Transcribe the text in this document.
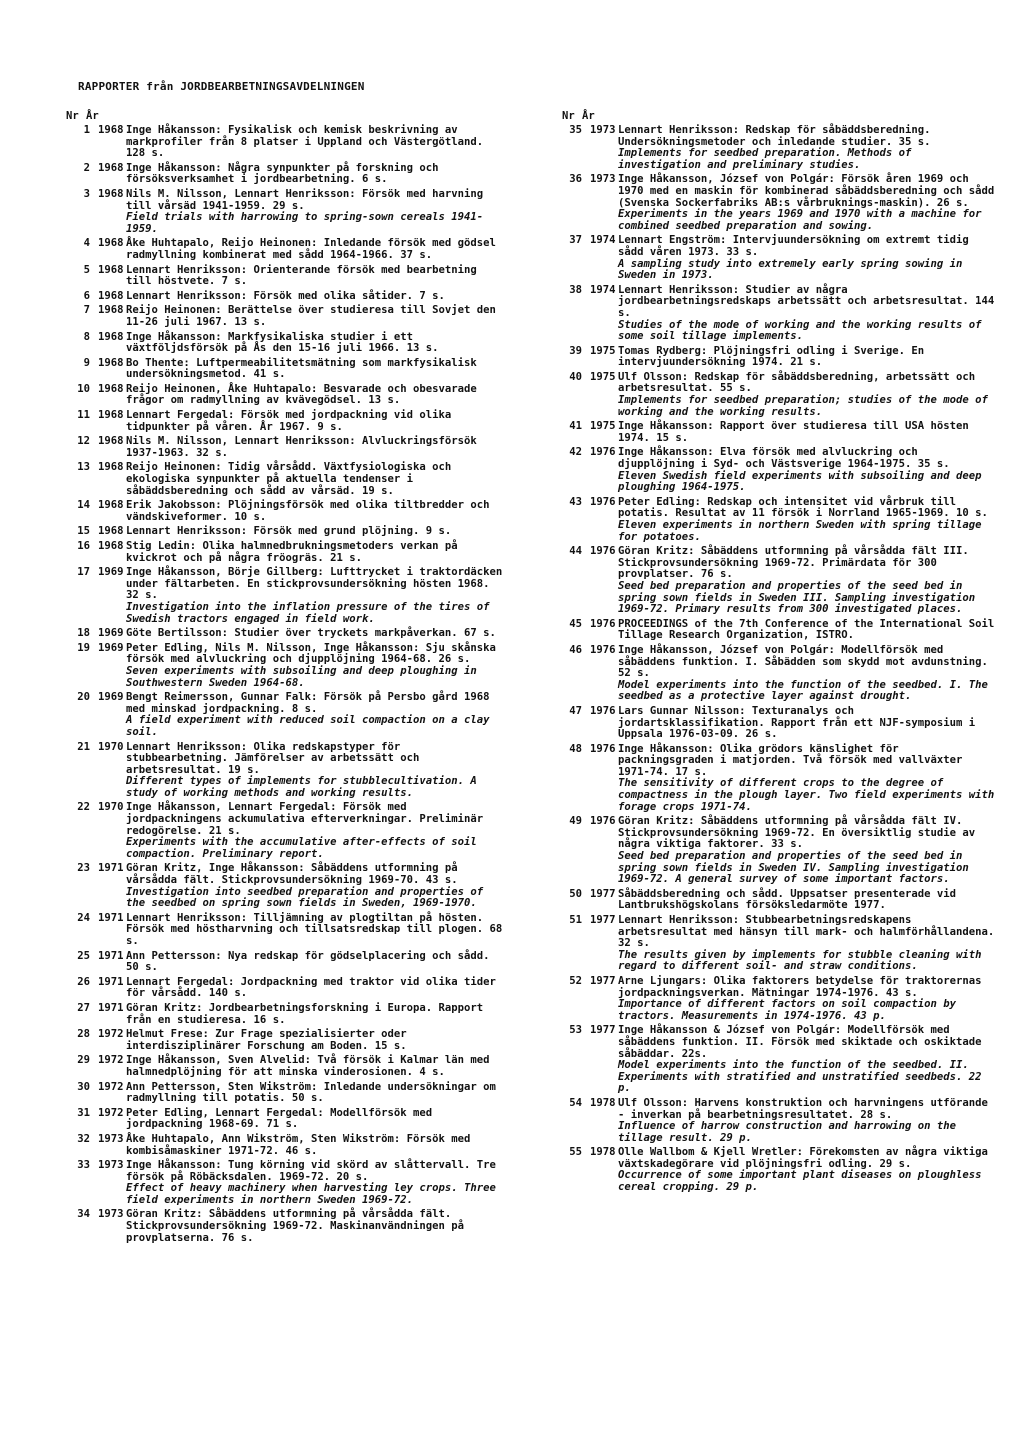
RAPPORTER från JORDBEARBETNINGSAVDELNINGEN
Nr År
1 1968 Inge Håkansson: Fysikalisk och kemisk beskrivning av markprofiler från 8 platser i Uppland och Västergötland. 128 s.
2 1968 Inge Håkansson: Några synpunkter på forskning och försöksverksamhet i jordbearbetning. 6 s.
3 1968 Nils M. Nilsson, Lennart Henriksson: Försök med harvning till vårsäd 1941-1959. 29 s.
Field trials with harrowing to spring-sown cereals 1941-1959.
4 1968 Åke Huhtapalo, Reijo Heinonen: Inledande försök med gödsel radmyllning kombinerat med sådd 1964-1966. 37 s.
5 1968 Lennart Henriksson: Orienterande försök med bearbetning till höstvete. 7 s.
6 1968 Lennart Henriksson: Försök med olika såtider. 7 s.
7 1968 Reijo Heinonen: Berättelse över studieresa till Sovjet den 11-26 juli 1967. 13 s.
8 1968 Inge Håkansson: Markfysikaliska studier i ett växtföljdsförsök på Ås den 15-16 juli 1966. 13 s.
9 1968 Bo Thente: Luftpermeabilitetsmätning som markfysikalisk undersökningsmetod. 41 s.
10 1968 Reijo Heinonen, Åke Huhtapalo: Besvarade och obesvarade frågor om radmyllning av kvävegödsel. 13 s.
11 1968 Lennart Fergedal: Försök med jordpackning vid olika tidpunkter på våren. År 1967. 9 s.
12 1968 Nils M. Nilsson, Lennart Henriksson: Alvluckringsförsök 1937-1963. 32 s.
13 1968 Reijo Heinonen: Tidig vårsådd. Växtfysiologiska och ekologiska synpunkter på aktuella tendenser i såbäddsberedning och sådd av vårsäd. 19 s.
14 1968 Erik Jakobsson: Plöjningsförsök med olika tiltbredder och vändskiveformer. 10 s.
15 1968 Lennart Henriksson: Försök med grund plöjning. 9 s.
16 1968 Stig Ledin: Olika halmnedbrukningsmetoders verkan på kvickrot och på några fröogräs. 21 s.
17 1969 Inge Håkansson, Börje Gillberg: Lufttrycket i traktordäcken under fältarbeten. En stickprovsundersökning hösten 1968. 32 s.
Investigation into the inflation pressure of the tires of Swedish tractors engaged in field work.
18 1969 Göte Bertilsson: Studier över tryckets markpåverkan. 67 s.
19 1969 Peter Edling, Nils M. Nilsson, Inge Håkansson: Sju skånska försök med alvluckring och djupplöjning 1964-68. 26 s.
Seven experiments with subsoiling and deep ploughing in Southwestern Sweden 1964-68.
20 1969 Bengt Reimersson, Gunnar Falk: Försök på Persbo gård 1968 med minskad jordpackning. 8 s.
A field experiment with reduced soil compaction on a clay soil.
21 1970 Lennart Henriksson: Olika redskapstyper för stubbearbetning. Jämförelser av arbetssätt och arbetsresultat. 19 s.
Different types of implements for stubblecultivation. A study of working methods and working results.
22 1970 Inge Håkansson, Lennart Fergedal: Försök med jordpackningens ackumulativa efterverkningar. Preliminär redogörelse. 21 s.
Experiments with the accumulative after-effects of soil compaction. Preliminary report.
23 1971 Göran Kritz, Inge Håkansson: Såbäddens utformning på vårsådda fält. Stickprovsundersökning 1969-70. 43 s.
Investigation into seedbed preparation and properties of the seedbed on spring sown fields in Sweden, 1969-1970.
24 1971 Lennart Henriksson: Tilljämning av plogtiltan på hösten. Försök med höstharvning och tillsatsredskap till plogen. 68 s.
25 1971 Ann Pettersson: Nya redskap för gödselplacering och sådd. 50 s.
26 1971 Lennart Fergedal: Jordpackning med traktor vid olika tider för vårsådd. 140 s.
27 1971 Göran Kritz: Jordbearbetningsforskning i Europa. Rapport från en studieresa. 16 s.
28 1972 Helmut Frese: Zur Frage spezialisierter oder interdisziplinärer Forschung am Boden. 15 s.
29 1972 Inge Håkansson, Sven Alvelid: Två försök i Kalmar län med halmnedplöjning för att minska vinderosionen. 4 s.
30 1972 Ann Pettersson, Sten Wikström: Inledande undersökningar om radmyllning till potatis. 50 s.
31 1972 Peter Edling, Lennart Fergedal: Modellförsök med jordpackning 1968-69. 71 s.
32 1973 Åke Huhtapalo, Ann Wikström, Sten Wikström: Försök med kombisåmaskiner 1971-72. 46 s.
33 1973 Inge Håkansson: Tung körning vid skörd av slåttervall. Tre försök på Röbäcksdalen. 1969-72. 20 s.
Effect of heavy machinery when harvesting ley crops. Three field experiments in northern Sweden 1969-72.
34 1973 Göran Kritz: Såbäddens utformning på vårsådda fält. Stickprovsundersökning 1969-72. Maskinanvändningen på provplatserna. 76 s.
Nr År
35 1973 Lennart Henriksson: Redskap för såbäddsberedning. Undersökningsmetoder och inledande studier. 35 s.
Implements for seedbed preparation. Methods of investigation and preliminary studies.
36 1973 Inge Håkansson, József von Polgár: Försök åren 1969 och 1970 med en maskin för kombinerad såbäddsberedning och sådd (Svenska Sockerfabriks AB:s vårbruknings-maskin). 26 s.
Experiments in the years 1969 and 1970 with a machine for combined seedbed preparation and sowing.
37 1974 Lennart Engström: Intervjuundersökning om extremt tidig sådd våren 1973. 33 s.
A sampling study into extremely early spring sowing in Sweden in 1973.
38 1974 Lennart Henriksson: Studier av några jordbearbetningsredskaps arbetssätt och arbetsresultat. 144 s.
Studies of the mode of working and the working results of some soil tillage implements.
39 1975 Tomas Rydberg: Plöjningsfri odling i Sverige. En intervjuundersökning 1974. 21 s.
40 1975 Ulf Olsson: Redskap för såbäddsberedning, arbetssätt och arbetsresultat. 55 s.
Implements for seedbed preparation; studies of the mode of working and the working results.
41 1975 Inge Håkansson: Rapport över studieresa till USA hösten 1974. 15 s.
42 1976 Inge Håkansson: Elva försök med alvluckring och djupplöjning i Syd- och Västsverige 1964-1975. 35 s.
Eleven Swedish field experiments with subsoiling and deep ploughing 1964-1975.
43 1976 Peter Edling: Redskap och intensitet vid vårbruk till potatis. Resultat av 11 försök i Norrland 1965-1969. 10 s.
Eleven experiments in northern Sweden with spring tillage for potatoes.
44 1976 Göran Kritz: Såbäddens utformning på vårsådda fält III. Stickprovsundersökning 1969-72. Primärdata för 300 provplatser. 76 s.
Seed bed preparation and properties of the seed bed in spring sown fields in Sweden III. Sampling investigation 1969-72. Primary results from 300 investigated places.
45 1976 PROCEEDINGS of the 7th Conference of the International Soil Tillage Research Organization, ISTRO.
46 1976 Inge Håkansson, József von Polgár: Modellförsök med såbäddens funktion. I. Såbädden som skydd mot avdunstning. 52 s.
Model experiments into the function of the seedbed. I. The seedbed as a protective layer against drought.
47 1976 Lars Gunnar Nilsson: Texturanalys och jordartsklassifikation. Rapport från ett NJF-symposium i Uppsala 1976-03-09. 26 s.
48 1976 Inge Håkansson: Olika grödors känslighet för packningsgraden i matjorden. Två försök med vallväxter 1971-74. 17 s.
The sensitivity of different crops to the degree of compactness in the plough layer. Two field experiments with forage crops 1971-74.
49 1976 Göran Kritz: Såbäddens utformning på vårsådda fält IV. Stickprovsundersökning 1969-72. En översiktlig studie av några viktiga faktorer. 33 s.
Seed bed preparation and properties of the seed bed in spring sown fields in Sweden IV. Sampling investigation 1969-72. A general survey of some important factors.
50 1977 Såbäddsberedning och sådd. Uppsatser presenterade vid Lantbrukshögskolans försöksledarmöte 1977.
51 1977 Lennart Henriksson: Stubbearbetningsredskapens arbetsresultat med hänsyn till mark- och halmförhållandena. 32 s.
The results given by implements for stubble cleaning with regard to different soil- and straw conditions.
52 1977 Arne Ljungars: Olika faktorers betydelse för traktorernas jordpackningsverkan. Mätningar 1974-1976. 43 s.
Importance of different factors on soil compaction by tractors. Measurements in 1974-1976. 43 p.
53 1977 Inge Håkansson & József von Polgár: Modellförsök med såbäddens funktion. II. Försök med skiktade och oskiktade såbäddar. 22s.
Model experiments into the function of the seedbed. II. Experiments with stratified and unstratified seedbeds. 22 p.
54 1978 Ulf Olsson: Harvens konstruktion och harvningens utförande - inverkan på bearbetningsresultatet. 28 s.
Influence of harrow construction and harrowing on the tillage result. 29 p.
55 1978 Olle Wallbom & Kjell Wretler: Förekomsten av några viktiga växtskadegörare vid plöjningsfri odling. 29 s.
Occurrence of some important plant diseases on ploughless cereal cropping. 29 p.
